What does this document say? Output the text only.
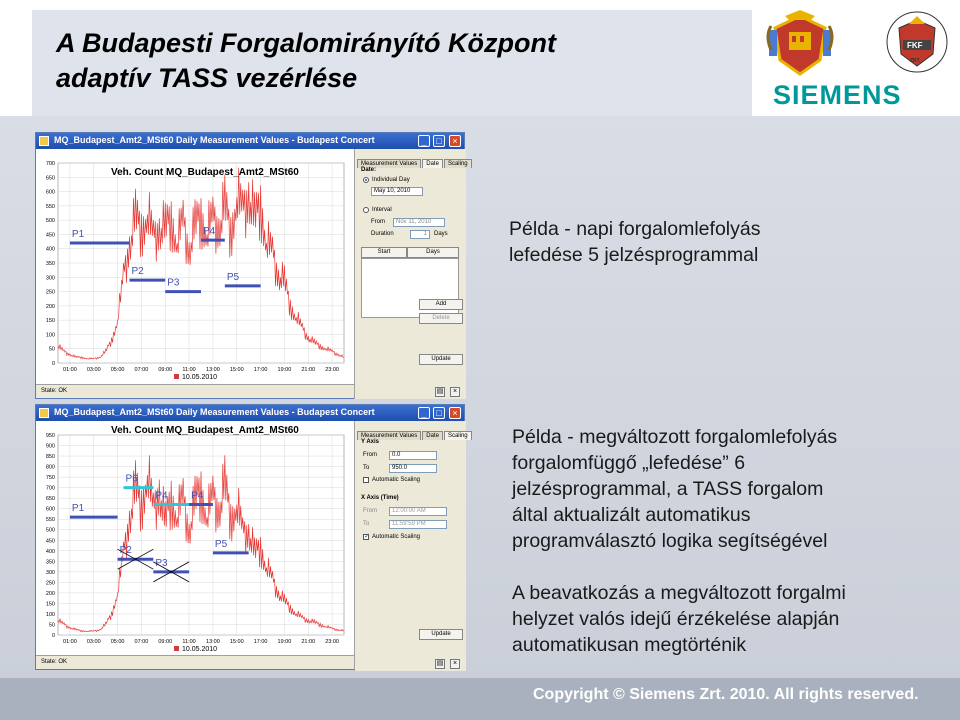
A Budapesti Forgalomirányító Központ
adaptív TASS vezérlése
FKF
ZRT.
SIEMENS
MQ_Budapest_Amt2_MSt60 Daily Measurement Values - Budapest Concert	_	□	×
Veh. Count MQ_Budapest_Amt2_MSt60
0
50
100
150
200
250
300
350
400
450
500
550
600
650
700
01:00 03:00 05:00 07:00 09:00 11:00 13:00 15:00 17:00 19:00 21:00 23:00
P1
P2
P3
P4
P5
10.05.2010
Measurement Values Date Scaling
Date:
Individual Day
May 10, 2010
Interval
From	Nov 11, 2010
Duration	1	Days
Start	Days
Add
Delete
Update
▤	×
State: OK
MQ_Budapest_Amt2_MSt60 Daily Measurement Values - Budapest Concert	_	□	×
Veh. Count MQ_Budapest_Amt2_MSt60
0
50
100
150
200
250
300
350
400
450
500
550
600
650
700
750
800
850
900
950
01:00 03:00 05:00 07:00 09:00 11:00 13:00 15:00 17:00 19:00 21:00 23:00
P1
P2
P3
P6
P4 P4
P5
10.05.2010
Measurement Values Date Scaling
Y Axis
From	0.0
To	950.0
Automatic Scaling
X Axis (Time)
From	12:00:00 AM
To	11:59:59 PM
✓ Automatic Scaling
Update
▤	×
State: OK
Példa - napi forgalomlefolyás
lefedése 5 jelzésprogrammal
Példa - megváltozott forgalomlefolyás
forgalomfüggő „lefedése” 6
jelzésprogrammal, a TASS forgalom
által aktualizált automatikus
programválasztó logika segítségével
A beavatkozás a megváltozott forgalmi
helyzet valós idejű érzékelése alapján
automatikusan megtörténik
Copyright © Siemens Zrt. 2010. All rights reserved.
